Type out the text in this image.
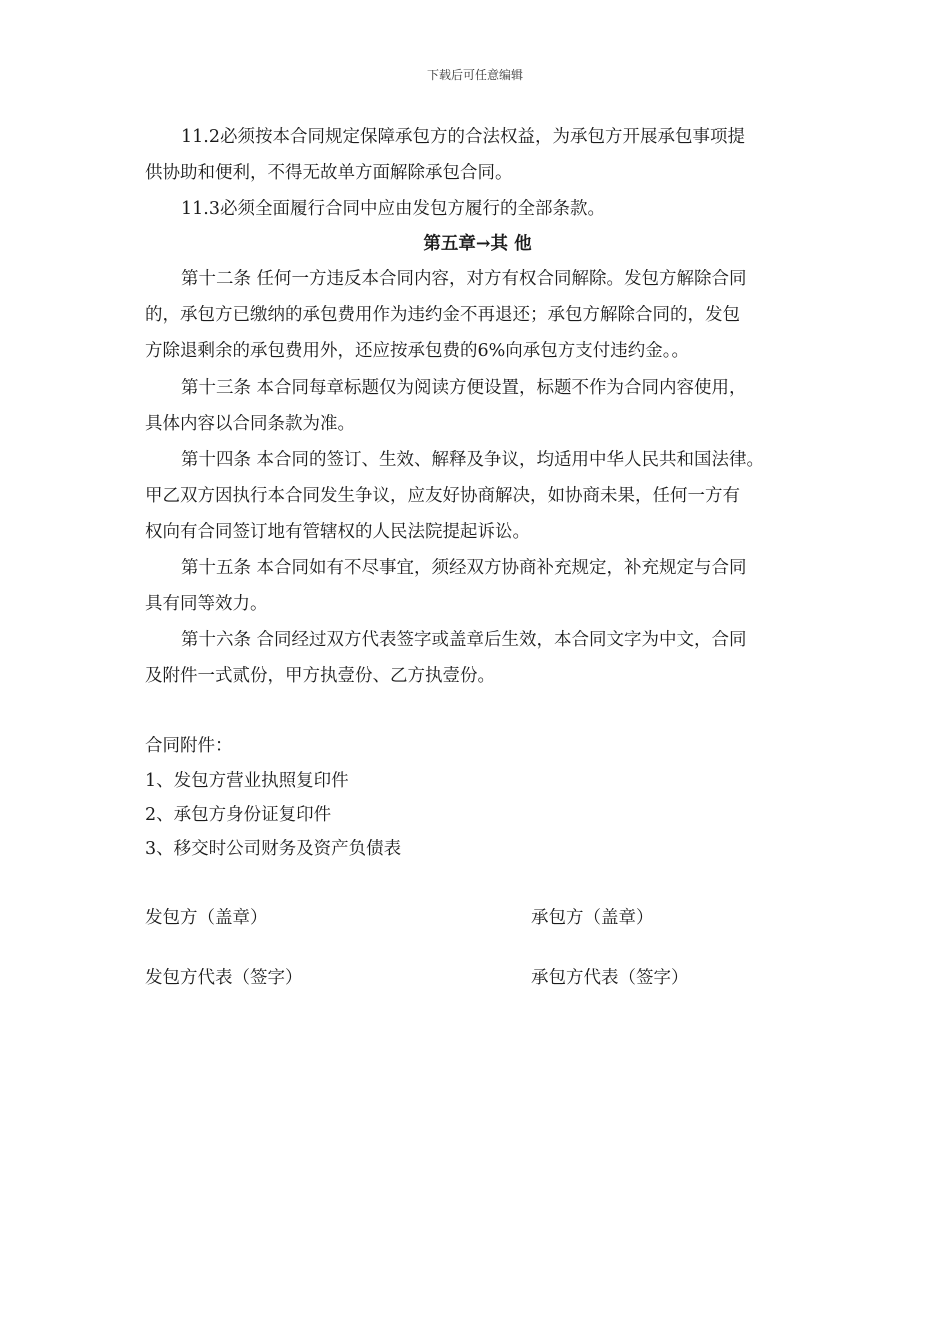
下载后可任意编辑
11.2必须按本合同规定保障承包方的合法权益，为承包方开展承包事项提
供协助和便利，不得无故单方面解除承包合同。
11.3必须全面履行合同中应由发包方履行的全部条款。
第五章→其 他
第十二条 任何一方违反本合同内容，对方有权合同解除。发包方解除合同
的，承包方已缴纳的承包费用作为违约金不再退还；承包方解除合同的，发包
方除退剩余的承包费用外，还应按承包费的6%向承包方支付违约金。。
第十三条 本合同每章标题仅为阅读方便设置，标题不作为合同内容使用，
具体内容以合同条款为准。
第十四条 本合同的签订、生效、解释及争议，均适用中华人民共和国法律。
甲乙双方因执行本合同发生争议，应友好协商解决，如协商未果，任何一方有
权向有合同签订地有管辖权的人民法院提起诉讼。
第十五条 本合同如有不尽事宜，须经双方协商补充规定，补充规定与合同
具有同等效力。
第十六条 合同经过双方代表签字或盖章后生效，本合同文字为中文，合同
及附件一式贰份，甲方执壹份、乙方执壹份。
合同附件：
1、发包方营业执照复印件
2、承包方身份证复印件
3、移交时公司财务及资产负债表
发包方（盖章）	承包方（盖章）
发包方代表（签字）	承包方代表（签字）
